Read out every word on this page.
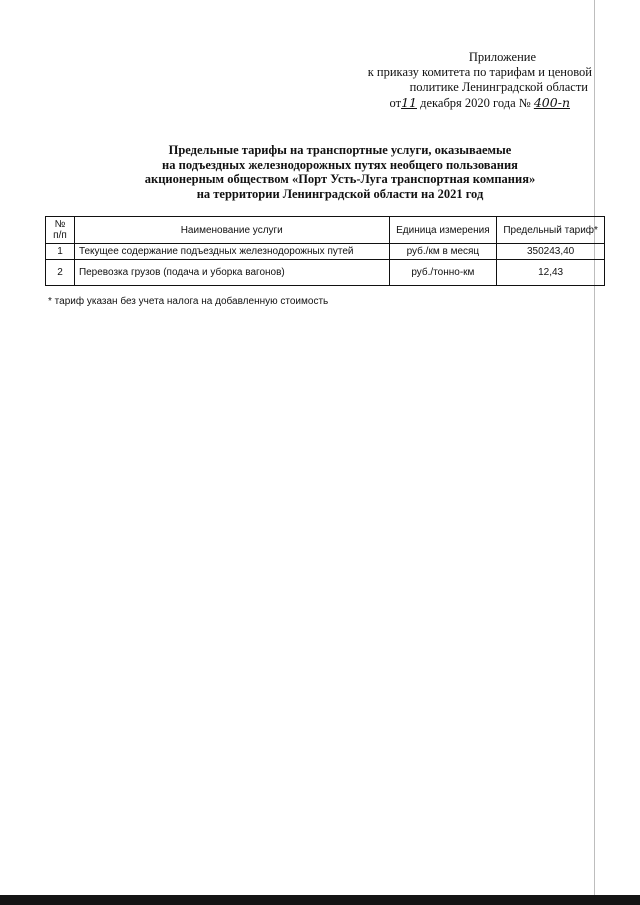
Приложение
к приказу комитета по тарифам и ценовой
политике Ленинградской области
от11 декабря 2020 года № 400-п
Предельные тарифы на транспортные услуги, оказываемые
на подъездных железнодорожных путях необщего пользования
акционерным обществом «Порт Усть-Луга транспортная компания»
на территории Ленинградской области на 2021 год
№
п/п	Наименование услуги	Единица измерения	Предельный тариф*
1	Текущее содержание подъездных железнодорожных путей	руб./км в месяц	350243,40
2	Перевозка грузов (подача и уборка вагонов)	руб./тонно-км	12,43
* тариф указан без учета налога на добавленную стоимость
